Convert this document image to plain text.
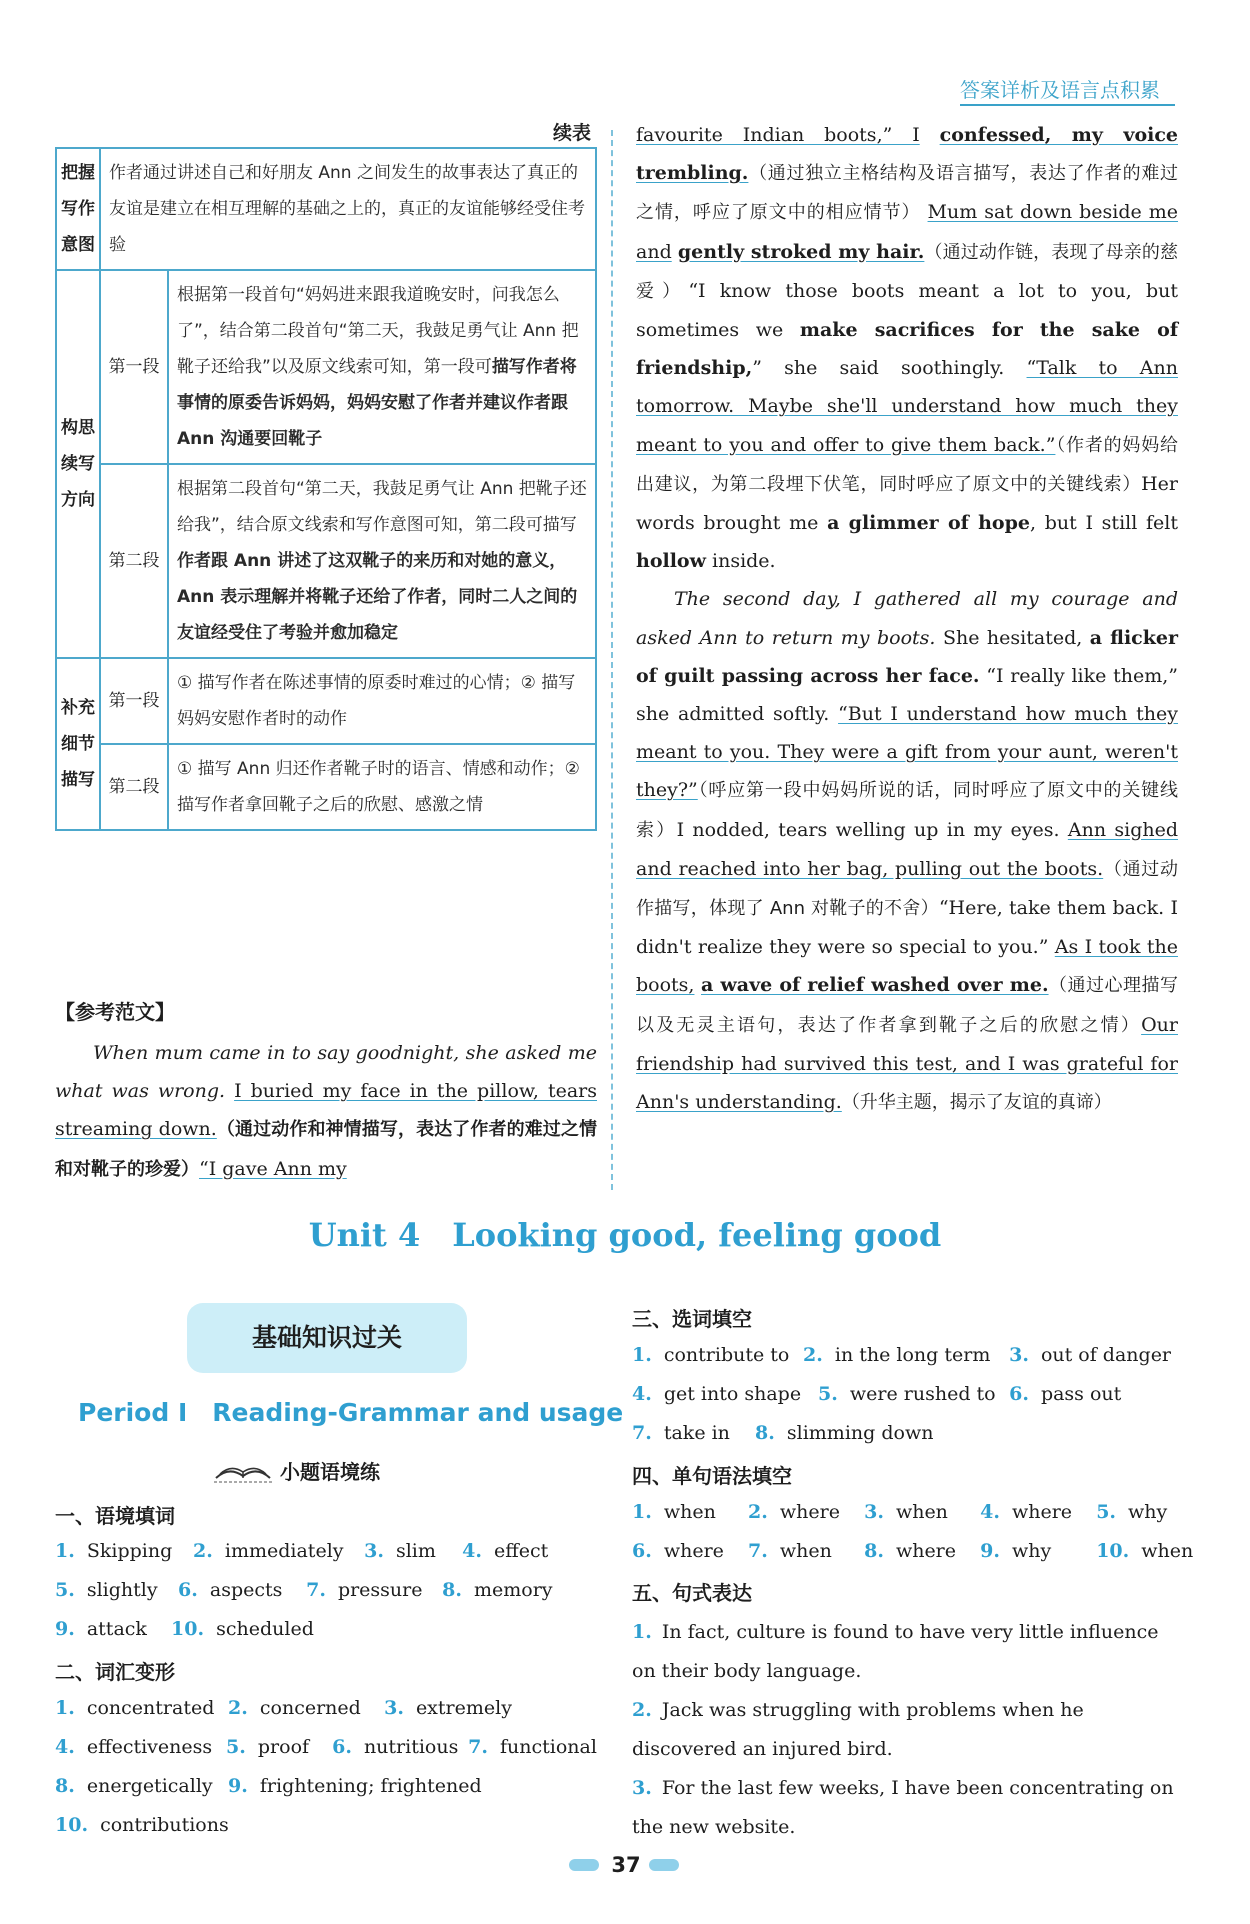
答案详析及语言点积累
续表
把握写作意图	作者通过讲述自己和好朋友 Ann 之间发生的故事表达了真正的友谊是建立在相互理解的基础之上的，真正的友谊能够经受住考验	
构思续写方向	第一段	根据第一段首句“妈妈进来跟我道晚安时，问我怎么了”，结合第二段首句“第二天，我鼓足勇气让 Ann 把靴子还给我”以及原文线索可知，第一段可描写作者将事情的原委告诉妈妈，妈妈安慰了作者并建议作者跟 Ann 沟通要回靴子
	第二段	根据第二段首句“第二天，我鼓足勇气让 Ann 把靴子还给我”，结合原文线索和写作意图可知，第二段可描写作者跟 Ann 讲述了这双靴子的来历和对她的意义，Ann 表示理解并将靴子还给了作者，同时二人之间的友谊经受住了考验并愈加稳定
补充细节描写	第一段	① 描写作者在陈述事情的原委时难过的心情；② 描写妈妈安慰作者时的动作
	第二段	① 描写 Ann 归还作者靴子时的语言、情感和动作；② 描写作者拿回靴子之后的欣慰、感激之情
【参考范文】

When mum came in to say goodnight, she asked me what was wrong. I buried my face in the pillow, tears streaming down.（通过动作和神情描写，表达了作者的难过之情和对靴子的珍爱）“I gave Ann my

favourite Indian boots,” I confessed, my voice trembling.（通过独立主格结构及语言描写，表达了作者的难过之情，呼应了原文中的相应情节） Mum sat down beside me and gently stroked my hair.（通过动作链，表现了母亲的慈爱）“I know those boots meant a lot to you, but sometimes we make sacrifices for the sake of friendship,” she said soothingly. “Talk to Ann tomorrow. Maybe she'll understand how much they meant to you and offer to give them back.”（作者的妈妈给出建议，为第二段埋下伏笔，同时呼应了原文中的关键线索）Her words brought me a glimmer of hope, but I still felt hollow inside.

The second day, I gathered all my courage and asked Ann to return my boots. She hesitated, a flicker of guilt passing across her face. “I really like them,” she admitted softly. “But I understand how much they meant to you. They were a gift from your aunt, weren't they?”（呼应第一段中妈妈所说的话，同时呼应了原文中的关键线索）I nodded, tears welling up in my eyes. Ann sighed and reached into her bag, pulling out the boots.（通过动作描写，体现了 Ann 对靴子的不舍）“Here, take them back. I didn't realize they were so special to you.” As I took the boots, a wave of relief washed over me.（通过心理描写以及无灵主语句，表达了作者拿到靴子之后的欣慰之情）Our friendship had survived this test, and I was grateful for Ann's understanding.（升华主题，揭示了友谊的真谛）

Unit 4　Looking good, feeling good
基础知识过关
Period Ⅰ　Reading-Grammar and usage
小题语境练
一、语境填词
1. Skipping 2. immediately 3. slim 4. effect
5. slightly 6. aspects 7. pressure 8. memory
9. attack 10. scheduled
二、词汇变形
1. concentrated 2. concerned 3. extremely
4. effectiveness 5. proof 6. nutritious 7. functional
8. energetically 9. frightening; frightened
10. contributions
三、选词填空
1. contribute to 2. in the long term 3. out of danger
4. get into shape 5. were rushed to 6. pass out
7. take in 8. slimming down
四、单句语法填空
1. when 2. where 3. when 4. where 5. why
6. where 7. when 8. where 9. why 10. when
五、句式表达
1. In fact, culture is found to have very little influence on their body language.
2. Jack was struggling with problems when he discovered an injured bird.
3. For the last few weeks, I have been concentrating on the new website.
37
